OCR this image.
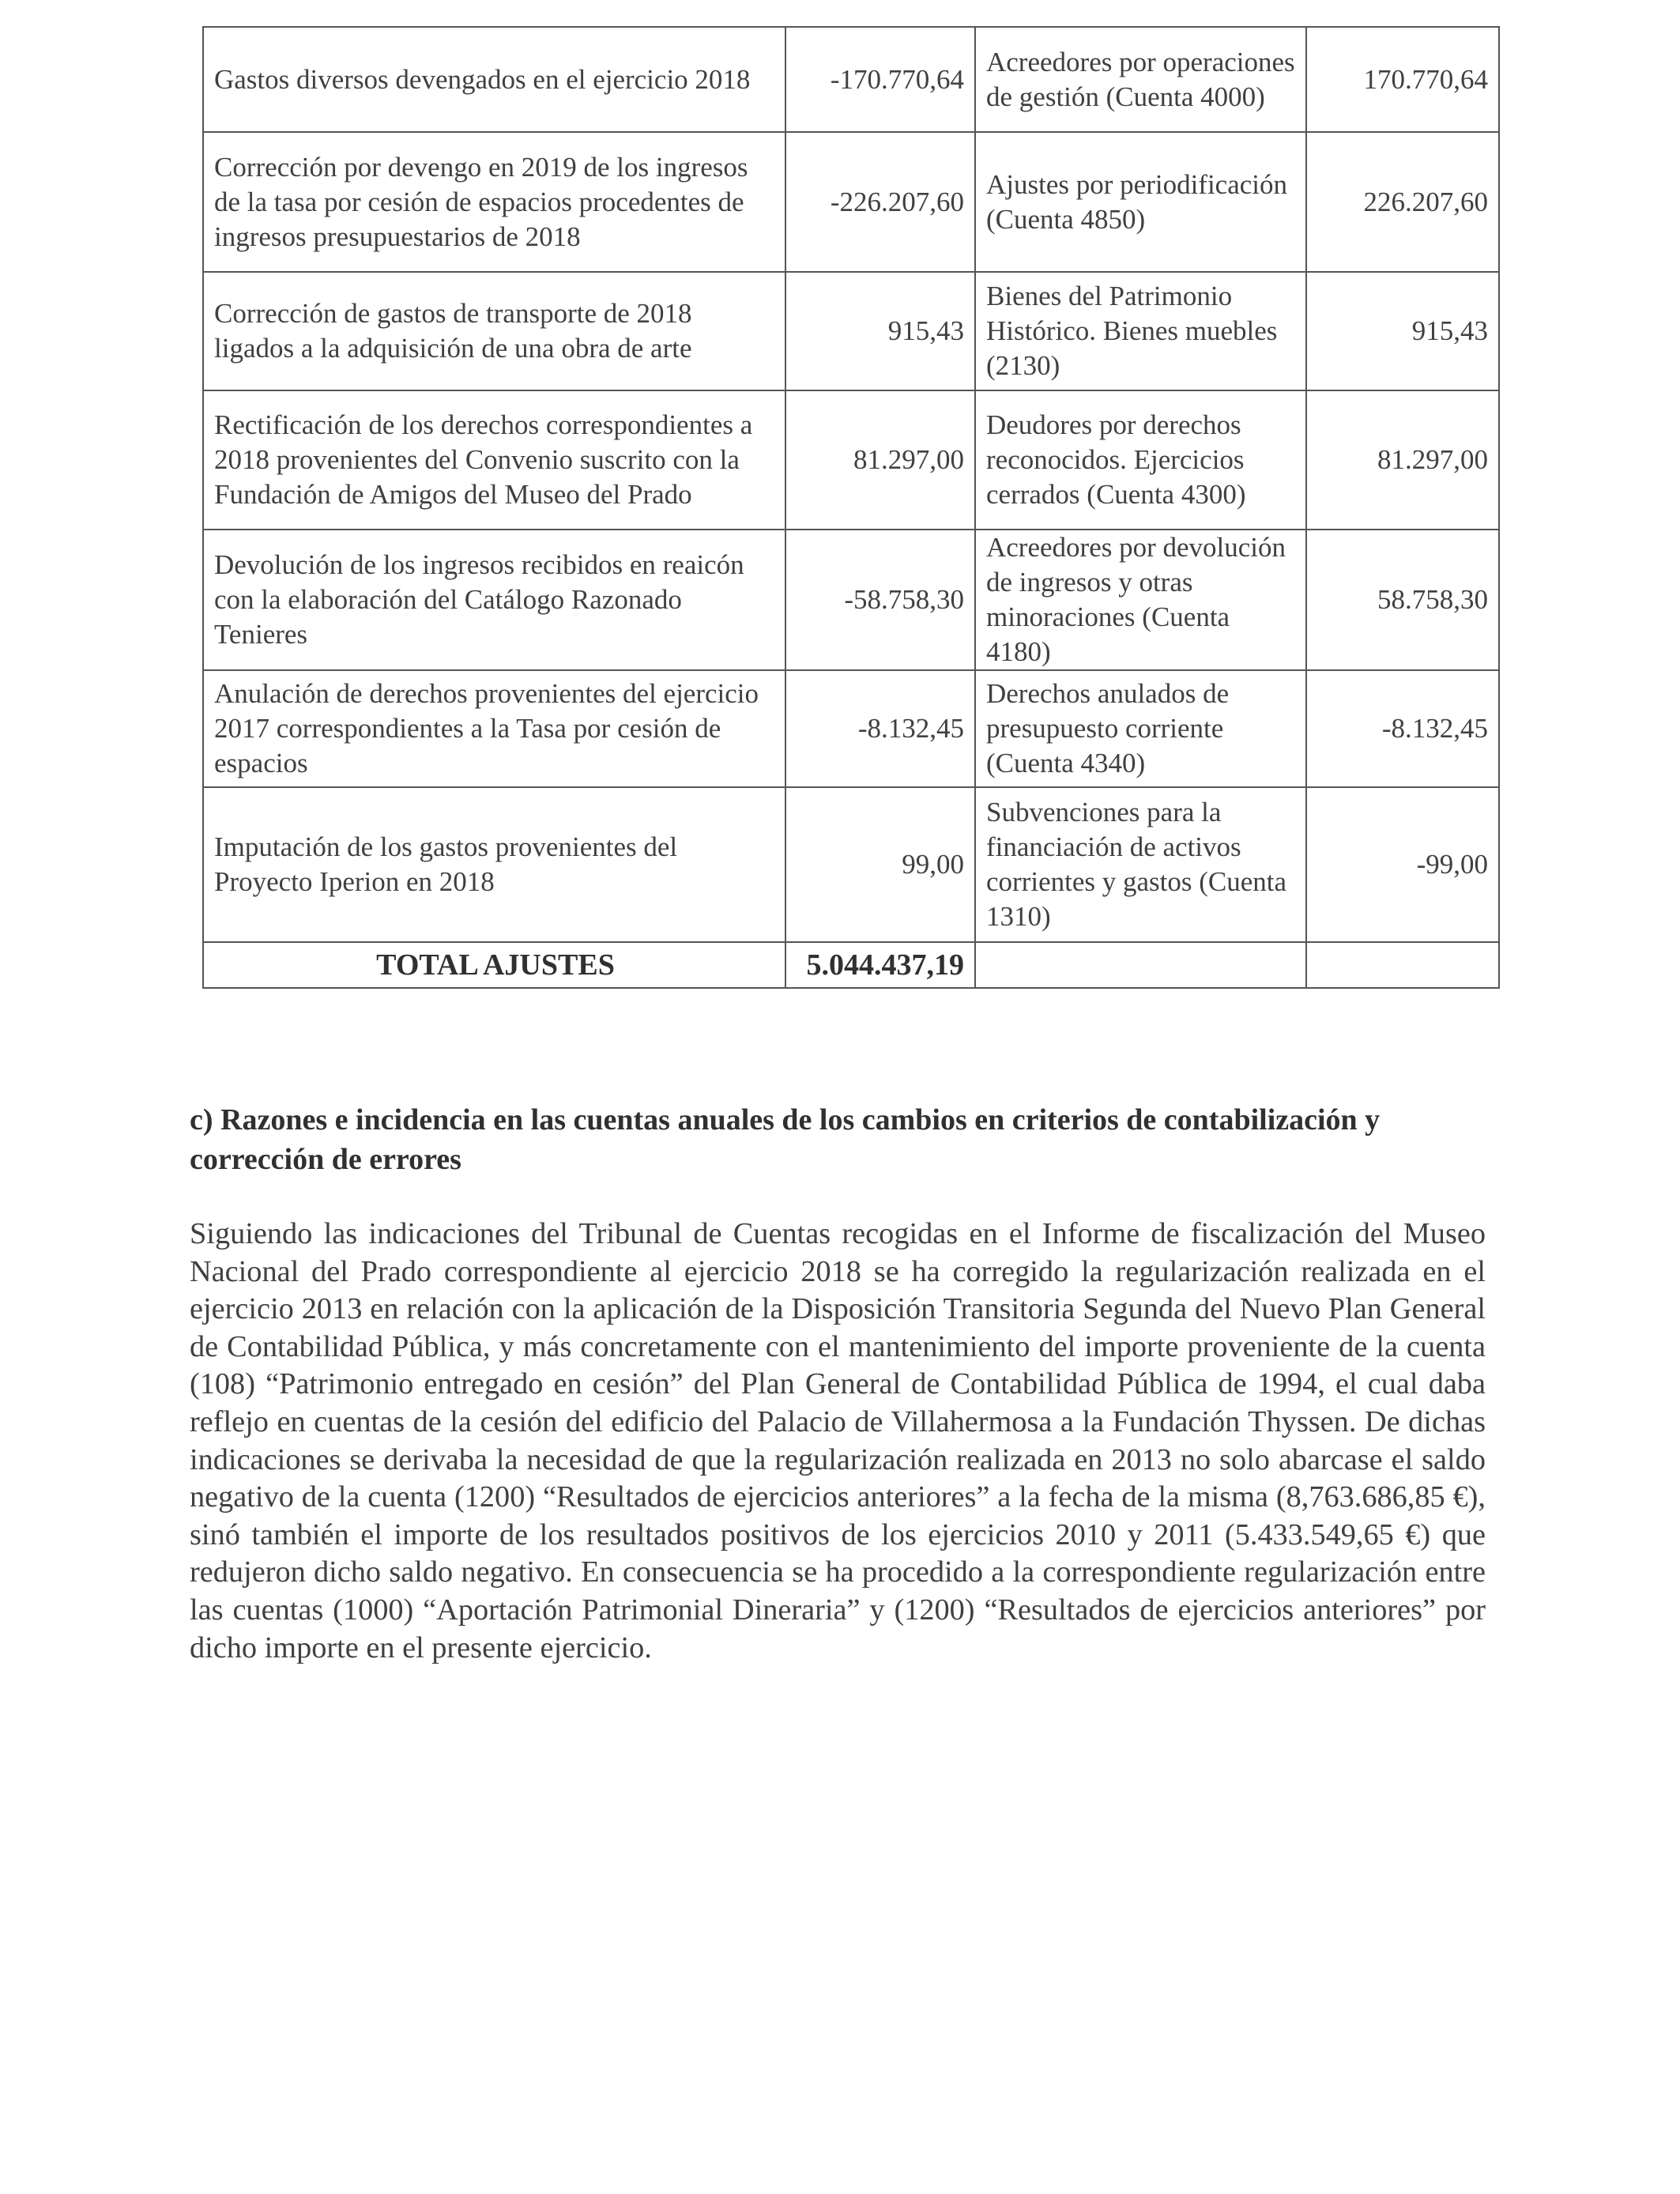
Gastos diversos devengados en el ejercicio 2018	-170.770,64	Acreedores por operaciones de gestión (Cuenta 4000)	170.770,64
Corrección por devengo en 2019 de los ingresos de la tasa por cesión de espacios procedentes de ingresos presupuestarios de 2018	-226.207,60	Ajustes por periodificación (Cuenta 4850)	226.207,60
Corrección de gastos de transporte de 2018 ligados a la adquisición de una obra de arte	915,43	Bienes del Patrimonio Histórico. Bienes muebles (2130)	915,43
Rectificación de los derechos correspondientes a 2018 provenientes del Convenio suscrito con la Fundación de Amigos del Museo del Prado	81.297,00	Deudores por derechos reconocidos. Ejercicios cerrados (Cuenta 4300)	81.297,00
Devolución de los ingresos recibidos en reaicón con la elaboración del Catálogo Razonado Tenieres	-58.758,30	Acreedores por devolución de ingresos y otras minoraciones (Cuenta 4180)	58.758,30
Anulación de derechos provenientes del ejercicio 2017 correspondientes a la Tasa por cesión de espacios	-8.132,45	Derechos anulados de presupuesto corriente (Cuenta 4340)	-8.132,45
Imputación de los gastos provenientes del Proyecto Iperion en 2018	99,00	Subvenciones para la financiación de activos corrientes y gastos (Cuenta 1310)	-99,00
TOTAL AJUSTES	5.044.437,19		
c) Razones e incidencia en las cuentas anuales de los cambios en criterios de contabilización y corrección de errores
Siguiendo las indicaciones del Tribunal de Cuentas recogidas en el Informe de fiscalización del Museo Nacional del Prado correspondiente al ejercicio 2018 se ha corregido la regularización realizada en el ejercicio 2013 en relación con la aplicación de la Disposición Transitoria Segunda del Nuevo Plan General de Contabilidad Pública, y más concretamente con el mantenimiento del importe proveniente de la cuenta (108) “Patrimonio entregado en cesión” del Plan General de Contabilidad Pública de 1994, el cual daba reflejo en cuentas de la cesión del edificio del Palacio de Villahermosa a la Fundación Thyssen. De dichas indicaciones se derivaba la necesidad de que la regularización realizada en 2013 no solo abarcase el saldo negativo de la cuenta (1200) “Resultados de ejercicios anteriores” a la fecha de la misma (8,763.686,85 €), sinó también el importe de los resultados positivos de los ejercicios 2010 y 2011 (5.433.549,65 €) que redujeron dicho saldo negativo. En consecuencia se ha procedido a la correspondiente regularización entre las cuentas (1000) “Aportación Patrimonial Dineraria” y (1200) “Resultados de ejercicios anteriores” por dicho importe en el presente ejercicio.
